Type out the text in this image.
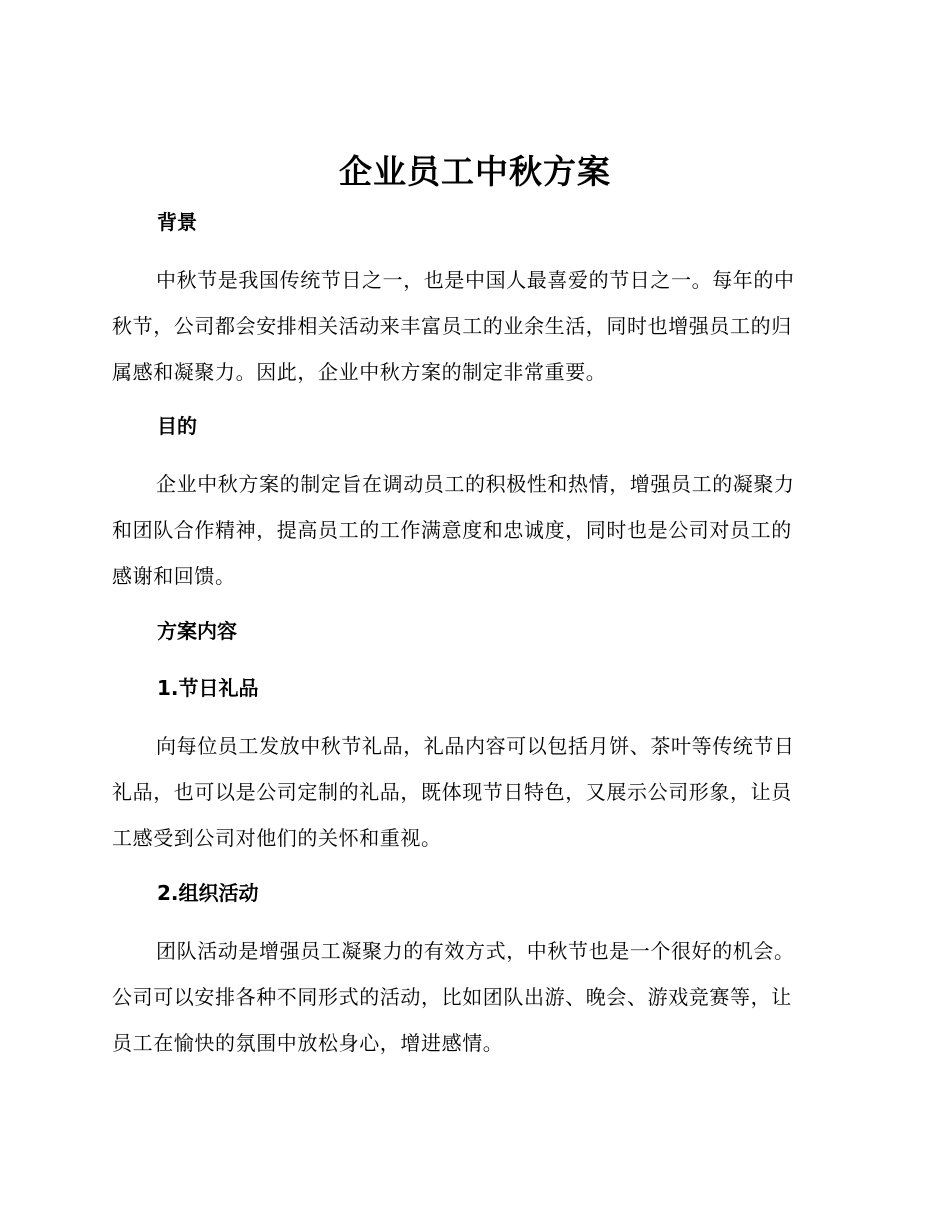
企业员工中秋方案
背景
中秋节是我国传统节日之一，也是中国人最喜爱的节日之一。每年的中
秋节，公司都会安排相关活动来丰富员工的业余生活，同时也增强员工的归
属感和凝聚力。因此，企业中秋方案的制定非常重要。
目的
企业中秋方案的制定旨在调动员工的积极性和热情，增强员工的凝聚力
和团队合作精神，提高员工的工作满意度和忠诚度，同时也是公司对员工的
感谢和回馈。
方案内容
1.节日礼品
向每位员工发放中秋节礼品，礼品内容可以包括月饼、茶叶等传统节日
礼品，也可以是公司定制的礼品，既体现节日特色，又展示公司形象，让员
工感受到公司对他们的关怀和重视。
2.组织活动
团队活动是增强员工凝聚力的有效方式，中秋节也是一个很好的机会。
公司可以安排各种不同形式的活动，比如团队出游、晚会、游戏竞赛等，让
员工在愉快的氛围中放松身心，增进感情。
